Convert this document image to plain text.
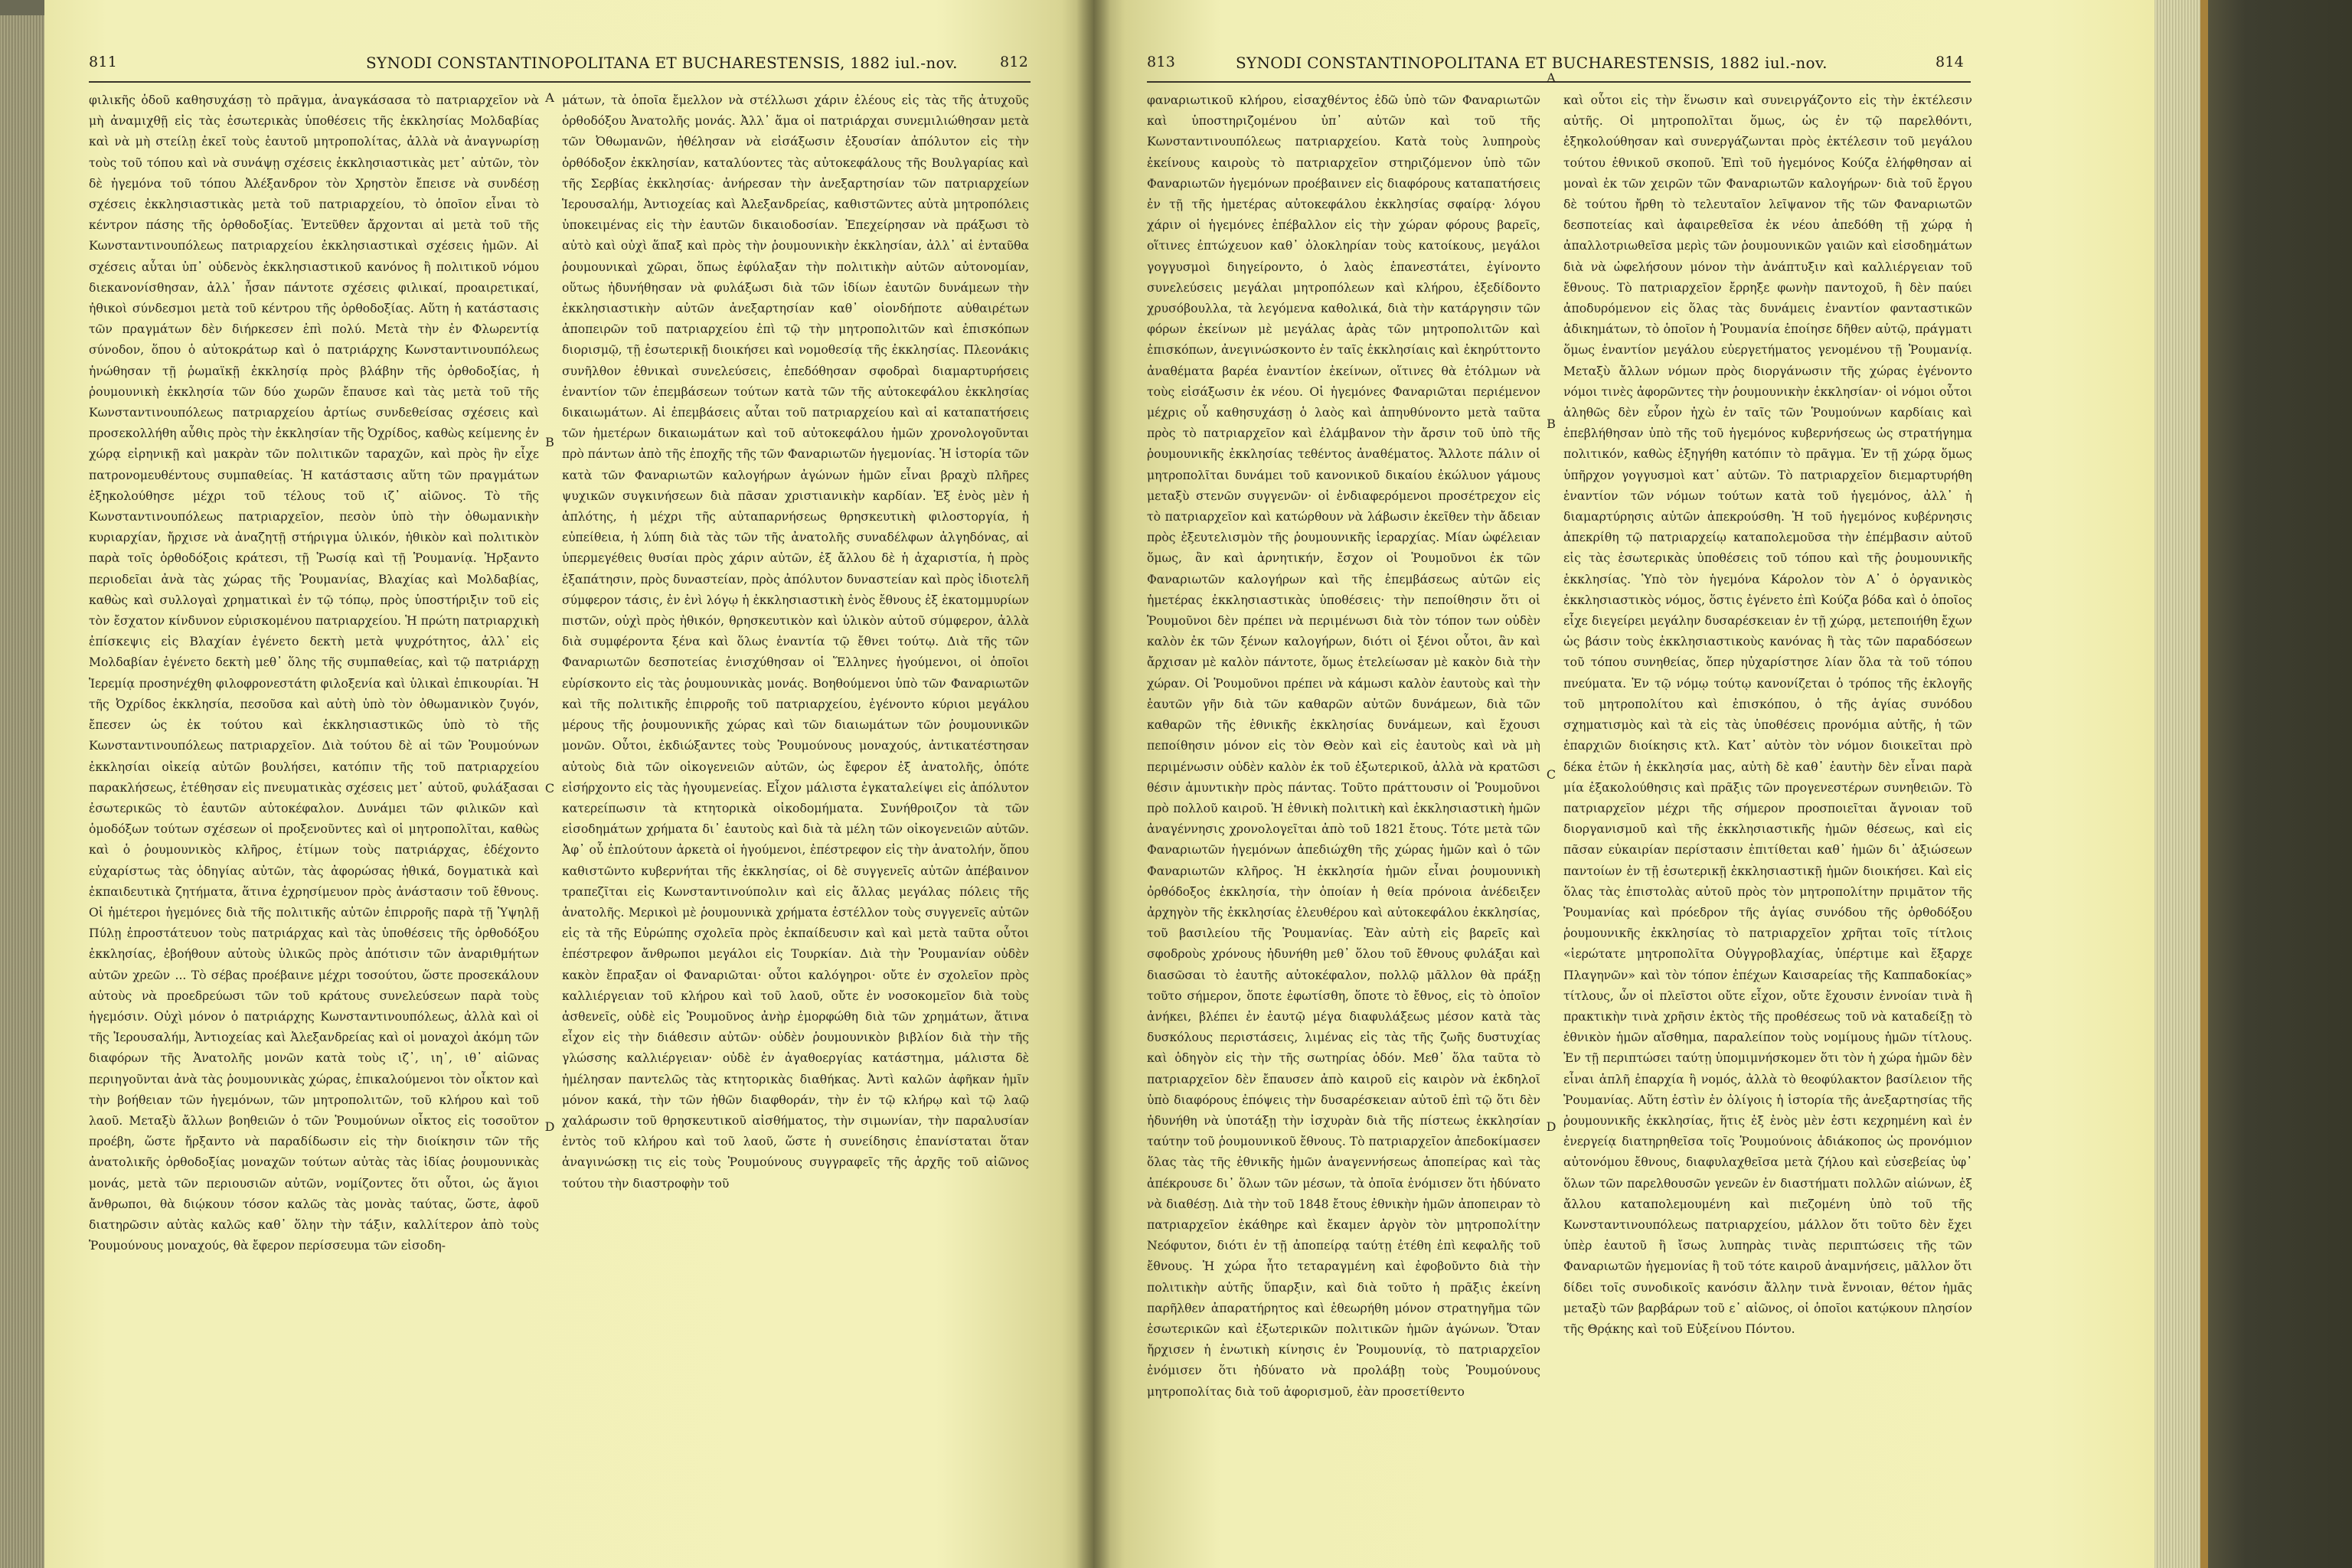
811	SYNODI CONSTANTINOPOLITANA ET BUCHARESTENSIS, 1882 iul.-nov.	812

φιλικῆς ὁδοῦ καθησυχάσῃ τὸ πρᾶγμα, ἀναγκάσασα τὸ πατριαρχεῖον νὰ μὴ ἀναμιχθῇ εἰς τὰς ἐσωτερικὰς ὑποθέσεις τῆς ἐκκλησίας Μολδαβίας καὶ νὰ μὴ στείλῃ ἐκεῖ τοὺς ἑαυτοῦ μητροπολίτας, ἀλλὰ νὰ ἀναγνωρίσῃ τοὺς τοῦ τόπου καὶ νὰ συνάψῃ σχέσεις ἐκκλησιαστικὰς μετ᾽ αὐτῶν, τὸν δὲ ἡγεμόνα τοῦ τόπου Ἀλέξανδρον τὸν Χρηστὸν ἔπεισε νὰ συνδέσῃ σχέσεις ἐκκλησιαστικὰς μετὰ τοῦ πατριαρχείου, τὸ ὁποῖον εἶναι τὸ κέντρον πάσης τῆς ὀρθοδοξίας. Ἐντεῦθεν ἄρχονται αἱ μετὰ τοῦ τῆς Κωνσταντινουπόλεως πατριαρχείου ἐκκλησιαστικαὶ σχέσεις ἡμῶν. Αἱ σχέσεις αὗται ὑπ᾽ οὐδενὸς ἐκκλησιαστικοῦ κανόνος ἢ πολιτικοῦ νόμου διεκανονίσθησαν, ἀλλ᾽ ἦσαν πάντοτε σχέσεις φιλικαί, προαιρετικαί, ἠθικοὶ σύνδεσμοι μετὰ τοῦ κέντρου τῆς ὀρθοδοξίας. Αὕτη ἡ κατάστασις τῶν πραγμάτων δὲν διήρκεσεν ἐπὶ πολύ. Μετὰ τὴν ἐν Φλωρεντίᾳ σύνοδον, ὅπου ὁ αὐτοκράτωρ καὶ ὁ πατριάρχης Κωνσταντινουπόλεως ἡνώθησαν τῇ ῥωμαϊκῇ ἐκκλησίᾳ πρὸς βλάβην τῆς ὀρθοδοξίας, ἡ ῥουμουνικὴ ἐκκλησία τῶν δύο χωρῶν ἔπαυσε καὶ τὰς μετὰ τοῦ τῆς Κωνσταντινουπόλεως πατριαρχείου ἀρτίως συνδεθείσας σχέσεις καὶ προσεκολλήθη αὖθις πρὸς τὴν ἐκκλησίαν τῆς Ὀχρίδος, καθὼς κείμενης ἐν χώρᾳ εἰρηνικῇ καὶ μακρὰν τῶν πολιτικῶν ταραχῶν, καὶ πρὸς ἣν εἶχε πατρονομευθέντους συμπαθείας. Ἡ κατάστασις αὕτη τῶν πραγμάτων ἐξηκολούθησε μέχρι τοῦ τέλους τοῦ ιζ᾽ αἰῶνος. Τὸ τῆς Κωνσταντινουπόλεως πατριαρχεῖον, πεσὸν ὑπὸ τὴν ὀθωμανικὴν κυριαρχίαν, ἤρχισε νὰ ἀναζητῇ στήριγμα ὑλικόν, ἠθικὸν καὶ πολιτικὸν παρὰ τοῖς ὀρθοδόξοις κράτεσι, τῇ Ῥωσίᾳ καὶ τῇ Ῥουμανίᾳ. Ἠρξαντο περιοδεῖαι ἀνὰ τὰς χώρας τῆς Ῥουμανίας, Βλαχίας καὶ Μολδαβίας, καθὼς καὶ συλλογαὶ χρηματικαὶ ἐν τῷ τόπῳ, πρὸς ὑποστήριξιν τοῦ εἰς τὸν ἔσχατον κίνδυνον εὑρισκομένου πατριαρχείου. Ἡ πρώτη πατριαρχικὴ ἐπίσκεψις εἰς Βλαχίαν ἐγένετο δεκτὴ μετὰ ψυχρότητος, ἀλλ᾽ εἰς Μολδαβίαν ἐγένετο δεκτὴ μεθ᾽ ὅλης τῆς συμπαθείας, καὶ τῷ πατριάρχῃ Ἱερεμίᾳ προσηνέχθη φιλοφρονεστάτη φιλοξενία καὶ ὑλικαὶ ἐπικουρίαι. Ἡ τῆς Ὀχρίδος ἐκκλησία, πεσοῦσα καὶ αὐτὴ ὑπὸ τὸν ὀθωμανικὸν ζυγόν, ἔπεσεν ὡς ἐκ τούτου καὶ ἐκκλησιαστικῶς ὑπὸ τὸ τῆς Κωνσταντινουπόλεως πατριαρχεῖον. Διὰ τούτου δὲ αἱ τῶν Ῥουμούνων ἐκκλησίαι οἰκείᾳ αὐτῶν βουλήσει, κατόπιν τῆς τοῦ πατριαρχείου παρακλήσεως, ἐτέθησαν εἰς πνευματικὰς σχέσεις μετ᾽ αὐτοῦ, φυλάξασαι ἐσωτερικῶς τὸ ἑαυτῶν αὐτοκέφαλον. Δυνάμει τῶν φιλικῶν καὶ ὁμοδόξων τούτων σχέσεων οἱ προξενοῦντες καὶ οἱ μητροπολῖται, καθὼς καὶ ὁ ῥουμουνικὸς κλῆρος, ἐτίμων τοὺς πατριάρχας, ἐδέχοντο εὐχαρίστως τὰς ὁδηγίας αὐτῶν, τὰς ἀφορώσας ἠθικά, δογματικὰ καὶ ἐκπαιδευτικὰ ζητήματα, ἅτινα ἐχρησίμευον πρὸς ἀνάστασιν τοῦ ἔθνους. Οἱ ἡμέτεροι ἡγεμόνες διὰ τῆς πολιτικῆς αὐτῶν ἐπιρροῆς παρὰ τῇ Ὑψηλῇ Πύλῃ ἐπροστάτευον τοὺς πατριάρχας καὶ τὰς ὑποθέσεις τῆς ὀρθοδόξου ἐκκλησίας, ἐβοήθουν αὐτοὺς ὑλικῶς πρὸς ἀπότισιν τῶν ἀναριθμήτων αὐτῶν χρεῶν ... Τὸ σέβας προέβαινε μέχρι τοσούτου, ὥστε προσεκάλουν αὐτοὺς νὰ προεδρεύωσι τῶν τοῦ κράτους συνελεύσεων παρὰ τοὺς ἡγεμόσιν. Οὐχὶ μόνον ὁ πατριάρχης Κωνσταντινουπόλεως, ἀλλὰ καὶ οἱ τῆς Ἱερουσαλήμ, Ἀντιοχείας καὶ Ἀλεξανδρείας καὶ οἱ μοναχοὶ ἀκόμη τῶν διαφόρων τῆς Ἀνατολῆς μονῶν κατὰ τοὺς ιζ᾽, ιη᾽, ιθ᾽ αἰῶνας περιηγοῦνται ἀνὰ τὰς ῥουμουνικὰς χώρας, ἐπικαλούμενοι τὸν οἶκτον καὶ τὴν βοήθειαν τῶν ἡγεμόνων, τῶν μητροπολιτῶν, τοῦ κλήρου καὶ τοῦ λαοῦ. Μεταξὺ ἄλλων βοηθειῶν ὁ τῶν Ῥουμούνων οἶκτος εἰς τοσοῦτον προέβη, ὥστε ἤρξαντο νὰ παραδίδωσιν εἰς τὴν διοίκησιν τῶν τῆς ἀνατολικῆς ὀρθοδοξίας μοναχῶν τούτων αὐτὰς τὰς ἰδίας ῥουμουνικὰς μονάς, μετὰ τῶν περιουσιῶν αὐτῶν, νομίζοντες ὅτι οὗτοι, ὡς ἅγιοι ἄνθρωποι, θὰ διῴκουν τόσον καλῶς τὰς μονὰς ταύτας, ὥστε, ἀφοῦ διατηρῶσιν αὐτὰς καλῶς καθ᾽ ὅλην τὴν τάξιν, καλλίτερον ἀπὸ τοὺς Ῥουμούνους μοναχούς, θὰ ἔφερον περίσσευμα τῶν εἰσοδη-

A
B
C
D

μάτων, τὰ ὁποῖα ἔμελλον νὰ στέλλωσι χάριν ἐλέους εἰς τὰς τῆς ἀτυχοῦς ὀρθοδόξου Ἀνατολῆς μονάς. Ἀλλ᾽ ἅμα οἱ πατριάρχαι συνεμιλιώθησαν μετὰ τῶν Ὀθωμανῶν, ἠθέλησαν νὰ εἰσάξωσιν ἐξουσίαν ἀπόλυτον εἰς τὴν ὀρθόδοξον ἐκκλησίαν, καταλύοντες τὰς αὐτοκεφάλους τῆς Βουλγαρίας καὶ τῆς Σερβίας ἐκκλησίας· ἀνήρεσαν τὴν ἀνεξαρτησίαν τῶν πατριαρχείων Ἱερουσαλήμ, Ἀντιοχείας καὶ Ἀλεξανδρείας, καθιστῶντες αὐτὰ μητροπόλεις ὑποκειμένας εἰς τὴν ἑαυτῶν δικαιοδοσίαν. Ἐπεχείρησαν νὰ πράξωσι τὸ αὐτὸ καὶ οὐχὶ ἅπαξ καὶ πρὸς τὴν ῥουμουνικὴν ἐκκλησίαν, ἀλλ᾽ αἱ ἐνταῦθα ῥουμουνικαὶ χῶραι, ὅπως ἐφύλαξαν τὴν πολιτικὴν αὐτῶν αὐτονομίαν, οὕτως ἠδυνήθησαν νὰ φυλάξωσι διὰ τῶν ἰδίων ἑαυτῶν δυνάμεων τὴν ἐκκλησιαστικὴν αὐτῶν ἀνεξαρτησίαν καθ᾽ οἱονδήποτε αὐθαιρέτων ἀποπειρῶν τοῦ πατριαρχείου ἐπὶ τῷ τὴν μητροπολιτῶν καὶ ἐπισκόπων διορισμῷ, τῇ ἐσωτερικῇ διοικήσει καὶ νομοθεσίᾳ τῆς ἐκκλησίας. Πλεονάκις συνῆλθον ἐθνικαὶ συνελεύσεις, ἐπεδόθησαν σφοδραὶ διαμαρτυρήσεις ἐναντίον τῶν ἐπεμβάσεων τούτων κατὰ τῶν τῆς αὐτοκεφάλου ἐκκλησίας δικαιωμάτων. Αἱ ἐπεμβάσεις αὗται τοῦ πατριαρχείου καὶ αἱ καταπατήσεις τῶν ἡμετέρων δικαιωμάτων καὶ τοῦ αὐτοκεφάλου ἡμῶν χρονολογοῦνται πρὸ πάντων ἀπὸ τῆς ἐποχῆς τῆς τῶν Φαναριωτῶν ἡγεμονίας. Ἡ ἱστορία τῶν κατὰ τῶν Φαναριωτῶν καλογήρων ἀγώνων ἡμῶν εἶναι βραχὺ πλῆρες ψυχικῶν συγκινήσεων διὰ πᾶσαν χριστιανικὴν καρδίαν. Ἐξ ἑνὸς μὲν ἡ ἀπλότης, ἡ μέχρι τῆς αὐταπαρνήσεως θρησκευτικὴ φιλοστοργία, ἡ εὐπείθεια, ἡ λύπη διὰ τὰς τῶν τῆς ἀνατολῆς συναδέλφων ἀλγηδόνας, αἱ ὑπερμεγέθεις θυσίαι πρὸς χάριν αὐτῶν, ἐξ ἄλλου δὲ ἡ ἀχαριστία, ἡ πρὸς ἐξαπάτησιν, πρὸς δυναστείαν, πρὸς ἀπόλυτον δυναστείαν καὶ πρὸς ἰδιοτελῆ σύμφερον τάσις, ἐν ἑνὶ λόγῳ ἡ ἐκκλησιαστικὴ ἐνὸς ἔθνους ἐξ ἑκατομμυρίων πιστῶν, οὐχὶ πρὸς ἠθικόν, θρησκευτικὸν καὶ ὑλικὸν αὐτοῦ σύμφερον, ἀλλὰ διὰ συμφέροντα ξένα καὶ ὅλως ἐναντία τῷ ἔθνει τούτῳ. Διὰ τῆς τῶν Φαναριωτῶν δεσποτείας ἐνισχύθησαν οἱ Ἕλληνες ἡγούμενοι, οἱ ὁποῖοι εὑρίσκοντο εἰς τὰς ῥουμουνικὰς μονάς. Βοηθούμενοι ὑπὸ τῶν Φαναριωτῶν καὶ τῆς πολιτικῆς ἐπιρροῆς τοῦ πατριαρχείου, ἐγένοντο κύριοι μεγάλου μέρους τῆς ῥουμουνικῆς χώρας καὶ τῶν διαιωμάτων τῶν ῥουμουνικῶν μονῶν. Οὗτοι, ἐκδιώξαντες τοὺς Ῥουμούνους μοναχούς, ἀντικατέστησαν αὐτοὺς διὰ τῶν οἰκογενειῶν αὐτῶν, ὡς ἔφερον ἐξ ἀνατολῆς, ὁπότε εἰσήρχοντο εἰς τὰς ἡγουμενείας. Εἶχον μάλιστα ἐγκαταλείψει εἰς ἀπόλυτον κατερείπωσιν τὰ κτητορικὰ οἰκοδομήματα. Συνήθροιζον τὰ τῶν εἰσοδημάτων χρήματα δι᾽ ἑαυτοὺς καὶ διὰ τὰ μέλη τῶν οἰκογενειῶν αὐτῶν. Ἀφ᾽ οὗ ἐπλούτουν ἀρκετὰ οἱ ἡγούμενοι, ἐπέστρεφον εἰς τὴν ἀνατολήν, ὅπου καθιστῶντο κυβερνήται τῆς ἐκκλησίας, οἱ δὲ συγγενεῖς αὐτῶν ἀπέβαινον τραπεζῖται εἰς Κωνσταντινούπολιν καὶ εἰς ἄλλας μεγάλας πόλεις τῆς ἀνατολῆς. Μερικοὶ μὲ ῥουμουνικὰ χρήματα ἐστέλλον τοὺς συγγενεῖς αὐτῶν εἰς τὰ τῆς Εὐρώπης σχολεῖα πρὸς ἐκπαίδευσιν καὶ καὶ μετὰ ταῦτα οὗτοι ἐπέστρεφον ἄνθρωποι μεγάλοι εἰς Τουρκίαν. Διὰ τὴν Ῥουμανίαν οὐδὲν κακὸν ἔπραξαν οἱ Φαναριῶται· οὗτοι καλόγηροι· οὔτε ἐν σχολεῖον πρὸς καλλιέργειαν τοῦ κλήρου καὶ τοῦ λαοῦ, οὔτε ἐν νοσοκομεῖον διὰ τοὺς ἀσθενεῖς, οὐδὲ εἰς Ῥουμοῦνος ἀνὴρ ἐμορφώθη διὰ τῶν χρημάτων, ἅτινα εἶχον εἰς τὴν διάθεσιν αὐτῶν· οὐδὲν ῥουμουνικὸν βιβλίον διὰ τὴν τῆς γλώσσης καλλιέργειαν· οὐδὲ ἐν ἀγαθοεργίας κατάστημα, μάλιστα δὲ ἠμέλησαν παντελῶς τὰς κτητορικὰς διαθήκας. Ἀντὶ καλῶν ἀφῆκαν ἡμῖν μόνον κακά, τὴν τῶν ἠθῶν διαφθοράν, τὴν ἐν τῷ κλήρῳ καὶ τῷ λαῷ χαλάρωσιν τοῦ θρησκευτικοῦ αἰσθήματος, τὴν σιμωνίαν, τὴν παραλυσίαν ἐντὸς τοῦ κλήρου καὶ τοῦ λαοῦ, ὥστε ἡ συνείδησις ἐπανίσταται ὅταν ἀναγινώσκῃ τις εἰς τοὺς Ῥουμούνους συγγραφεῖς τῆς ἀρχῆς τοῦ αἰῶνος τούτου τὴν διαστροφὴν τοῦ

813	SYNODI CONSTANTINOPOLITANA ET BUCHARESTENSIS, 1882 iul.-nov.	814

φαναριωτικοῦ κλήρου, εἰσαχθέντος ἐδῶ ὑπὸ τῶν Φαναριωτῶν καὶ ὑποστηριζομένου ὑπ᾽ αὐτῶν καὶ τοῦ τῆς Κωνσταντινουπόλεως πατριαρχείου. Κατὰ τοὺς λυπηροὺς ἐκείνους καιροὺς τὸ πατριαρχεῖον στηριζόμενον ὑπὸ τῶν Φαναριωτῶν ἡγεμόνων προέβαινεν εἰς διαφόρους καταπατήσεις ἐν τῇ τῆς ἡμετέρας αὐτοκεφάλου ἐκκλησίας σφαίρᾳ· λόγου χάριν οἱ ἡγεμόνες ἐπέβαλλον εἰς τὴν χώραν φόρους βαρεῖς, οἵτινες ἐπτώχευον καθ᾽ ὁλοκληρίαν τοὺς κατοίκους, μεγάλοι γογγυσμοὶ διηγείροντο, ὁ λαὸς ἐπανεστάτει, ἐγίνοντο συνελεύσεις μεγάλαι μητροπόλεων καὶ κλήρου, ἐξεδίδοντο χρυσόβουλλα, τὰ λεγόμενα καθολικά, διὰ τὴν κατάργησιν τῶν φόρων ἐκείνων μὲ μεγάλας ἀρὰς τῶν μητροπολιτῶν καὶ ἐπισκόπων, ἀνεγινώσκοντο ἐν ταῖς ἐκκλησίαις καὶ ἐκηρύττοντο ἀναθέματα βαρέα ἐναντίον ἐκείνων, οἵτινες θὰ ἐτόλμων νὰ τοὺς εἰσάξωσιν ἐκ νέου. Οἱ ἡγεμόνες Φαναριῶται περιέμενον μέχρις οὗ καθησυχάσῃ ὁ λαὸς καὶ ἀπηυθύνοντο μετὰ ταῦτα πρὸς τὸ πατριαρχεῖον καὶ ἐλάμβανον τὴν ἄρσιν τοῦ ὑπὸ τῆς ῥουμουνικῆς ἐκκλησίας τεθέντος ἀναθέματος. Ἄλλοτε πάλιν οἱ μητροπολῖται δυνάμει τοῦ κανονικοῦ δικαίου ἐκώλυον γάμους μεταξὺ στενῶν συγγενῶν· οἱ ἐνδιαφερόμενοι προσέτρεχον εἰς τὸ πατριαρχεῖον καὶ κατώρθουν νὰ λάβωσιν ἐκεῖθεν τὴν ἄδειαν πρὸς ἐξευτελισμὸν τῆς ῥουμουνικῆς ἱεραρχίας. Μίαν ὠφέλειαν ὅμως, ἂν καὶ ἀρνητικήν, ἔσχον οἱ Ῥουμοῦνοι ἐκ τῶν Φαναριωτῶν καλογήρων καὶ τῆς ἐπεμβάσεως αὐτῶν εἰς ἡμετέρας ἐκκλησιαστικὰς ὑποθέσεις· τὴν πεποίθησιν ὅτι οἱ Ῥουμοῦνοι δὲν πρέπει νὰ περιμένωσι διὰ τὸν τόπον των οὐδὲν καλὸν ἐκ τῶν ξένων καλογήρων, διότι οἱ ξένοι οὗτοι, ἂν καὶ ἄρχισαν μὲ καλὸν πάντοτε, ὅμως ἐτελείωσαν μὲ κακὸν διὰ τὴν χώραν. Οἱ Ῥουμοῦνοι πρέπει νὰ κάμωσι καλὸν ἑαυτοὺς καὶ τὴν ἑαυτῶν γῆν διὰ τῶν καθαρῶν αὐτῶν δυνάμεων, διὰ τῶν καθαρῶν τῆς ἐθνικῆς ἐκκλησίας δυνάμεων, καὶ ἔχουσι πεποίθησιν μόνον εἰς τὸν Θεὸν καὶ εἰς ἑαυτοὺς καὶ νὰ μὴ περιμένωσιν οὐδὲν καλὸν ἐκ τοῦ ἐξωτερικοῦ, ἀλλὰ νὰ κρατῶσι θέσιν ἀμυντικὴν πρὸς πάντας. Τοῦτο πράττουσιν οἱ Ῥουμοῦνοι πρὸ πολλοῦ καιροῦ. Ἡ ἐθνικὴ πολιτικὴ καὶ ἐκκλησιαστικὴ ἡμῶν ἀναγέννησις χρονολογεῖται ἀπὸ τοῦ 1821 ἔτους. Τότε μετὰ τῶν Φαναριωτῶν ἡγεμόνων ἀπεδιώχθη τῆς χώρας ἡμῶν καὶ ὁ τῶν Φαναριωτῶν κλῆρος. Ἡ ἐκκλησία ἡμῶν εἶναι ῥουμουνικὴ ὀρθόδοξος ἐκκλησία, τὴν ὁποίαν ἡ θεία πρόνοια ἀνέδειξεν ἀρχηγὸν τῆς ἐκκλησίας ἐλευθέρου καὶ αὐτοκεφάλου ἐκκλησίας, τοῦ βασιλείου τῆς Ῥουμανίας. Ἐὰν αὐτὴ εἰς βαρεῖς καὶ σφοδροὺς χρόνους ἠδυνήθη μεθ᾽ ὅλου τοῦ ἔθνους φυλάξαι καὶ διασῶσαι τὸ ἑαυτῆς αὐτοκέφαλον, πολλῷ μᾶλλον θὰ πράξῃ τοῦτο σήμερον, ὅποτε ἐφωτίσθη, ὅποτε τὸ ἔθνος, εἰς τὸ ὁποῖον ἀνήκει, βλέπει ἐν ἑαυτῷ μέγα διαφυλάξεως μέσον κατὰ τὰς δυσκόλους περιστάσεις, λιμένας εἰς τὰς τῆς ζωῆς δυστυχίας καὶ ὁδηγὸν εἰς τὴν τῆς σωτηρίας ὁδόν. Μεθ᾽ ὅλα ταῦτα τὸ πατριαρχεῖον δὲν ἔπαυσεν ἀπὸ καιροῦ εἰς καιρὸν νὰ ἐκδηλοῖ ὑπὸ διαφόρους ἐπόψεις τὴν δυσαρέσκειαν αὐτοῦ ἐπὶ τῷ ὅτι δὲν ἠδυνήθη νὰ ὑποτάξῃ τὴν ἰσχυρὰν διὰ τῆς πίστεως ἐκκλησίαν ταύτην τοῦ ῥουμουνικοῦ ἔθνους. Τὸ πατριαρχεῖον ἀπεδοκίμασεν ὅλας τὰς τῆς ἐθνικῆς ἡμῶν ἀναγεννήσεως ἀποπείρας καὶ τὰς ἀπέκρουσε δι᾽ ὅλων τῶν μέσων, τὰ ὁποῖα ἐνόμισεν ὅτι ἠδύνατο νὰ διαθέσῃ. Διὰ τὴν τοῦ 1848 ἔτους ἐθνικὴν ἡμῶν ἀποπειραν τὸ πατριαρχεῖον ἐκάθηρε καὶ ἔκαμεν ἀργὸν τὸν μητροπολίτην Νεόφυτον, διότι ἐν τῇ ἀποπείρᾳ ταύτῃ ἐτέθη ἐπὶ κεφαλῆς τοῦ ἔθνους. Ἡ χώρα ἦτο τεταραγμένη καὶ ἐφοβοῦντο διὰ τὴν πολιτικὴν αὐτῆς ὕπαρξιν, καὶ διὰ τοῦτο ἡ πρᾶξις ἐκείνη παρῆλθεν ἀπαρατήρητος καὶ ἐθεωρήθη μόνον στρατηγῆμα τῶν ἐσωτερικῶν καὶ ἐξωτερικῶν πολιτικῶν ἡμῶν ἀγώνων. Ὅταν ἤρχισεν ἡ ἐνωτικὴ κίνησις ἐν Ῥουμουνίᾳ, τὸ πατριαρχεῖον ἐνόμισεν ὅτι ἠδύνατο νὰ προλάβῃ τοὺς Ῥουμούνους μητροπολίτας διὰ τοῦ ἀφορισμοῦ, ἐὰν προσετίθεντο

A
B
C
D

καὶ οὗτοι εἰς τὴν ἕνωσιν καὶ συνειργάζοντο εἰς τὴν ἐκτέλεσιν αὐτῆς. Οἱ μητροπολῖται ὅμως, ὡς ἐν τῷ παρελθόντι, ἐξηκολούθησαν καὶ συνεργάζωνται πρὸς ἐκτέλεσιν τοῦ μεγάλου τούτου ἐθνικοῦ σκοποῦ. Ἐπὶ τοῦ ἡγεμόνος Κούζα ἐλήφθησαν αἱ μοναὶ ἐκ τῶν χειρῶν τῶν Φαναριωτῶν καλογήρων· διὰ τοῦ ἔργου δὲ τούτου ἤρθη τὸ τελευταῖον λεῖψανον τῆς τῶν Φαναριωτῶν δεσποτείας καὶ ἀφαιρεθεῖσα ἐκ νέου ἀπεδόθη τῇ χώρᾳ ἡ ἀπαλλοτριωθεῖσα μερὶς τῶν ῥουμουνικῶν γαιῶν καὶ εἰσοδημάτων διὰ νὰ ὠφελήσουν μόνον τὴν ἀνάπτυξιν καὶ καλλιέργειαν τοῦ ἔθνους. Τὸ πατριαρχεῖον ἔρρηξε φωνὴν παντοχοῦ, ἢ δὲν παύει ἀποδυρόμενον εἰς ὅλας τὰς δυνάμεις ἐναντίον φανταστικῶν ἀδικημάτων, τὸ ὁποῖον ἡ Ῥουμανία ἐποίησε δῆθεν αὐτῷ, πράγματι ὅμως ἐναντίον μεγάλου εὐεργετήματος γενομένου τῇ Ῥουμανίᾳ. Μεταξὺ ἄλλων νόμων πρὸς διοργάνωσιν τῆς χώρας ἐγένοντο νόμοι τινὲς ἀφορῶντες τὴν ῥουμουνικὴν ἐκκλησίαν· οἱ νόμοι οὗτοι ἀληθῶς δὲν εὗρον ἠχὼ ἐν ταῖς τῶν Ῥουμούνων καρδίαις καὶ ἐπεβλήθησαν ὑπὸ τῆς τοῦ ἡγεμόνος κυβερνήσεως ὡς στρατήγημα πολιτικόν, καθὼς ἐξηγήθη κατόπιν τὸ πρᾶγμα. Ἐν τῇ χώρᾳ ὅμως ὑπῆρχον γογγυσμοὶ κατ᾽ αὐτῶν. Τὸ πατριαρχεῖον διεμαρτυρήθη ἐναντίον τῶν νόμων τούτων κατὰ τοῦ ἡγεμόνος, ἀλλ᾽ ἡ διαμαρτύρησις αὐτῶν ἀπεκρούσθη. Ἡ τοῦ ἡγεμόνος κυβέρνησις ἀπεκρίθη τῷ πατριαρχείῳ καταπολεμοῦσα τὴν ἐπέμβασιν αὐτοῦ εἰς τὰς ἐσωτερικὰς ὑποθέσεις τοῦ τόπου καὶ τῆς ῥουμουνικῆς ἐκκλησίας. Ὑπὸ τὸν ἡγεμόνα Κάρολον τὸν Α᾽ ὁ ὀργανικὸς ἐκκλησιαστικὸς νόμος, ὅστις ἐγένετο ἐπὶ Κούζα βόδα καὶ ὁ ὁποῖος εἶχε διεγείρει μεγάλην δυσαρέσκειαν ἐν τῇ χώρᾳ, μετεποιήθη ἔχων ὡς βάσιν τοὺς ἐκκλησιαστικοὺς κανόνας ἢ τὰς τῶν παραδόσεων τοῦ τόπου συνηθείας, ὅπερ ηὐχαρίστησε λίαν ὅλα τὰ τοῦ τόπου πνεύματα. Ἐν τῷ νόμῳ τούτῳ κανονίζεται ὁ τρόπος τῆς ἐκλογῆς τοῦ μητροπολίτου καὶ ἐπισκόπου, ὁ τῆς ἁγίας συνόδου σχηματισμὸς καὶ τὰ εἰς τὰς ὑποθέσεις προνόμια αὐτῆς, ἡ τῶν ἐπαρχιῶν διοίκησις κτλ. Κατ᾽ αὐτὸν τὸν νόμον διοικεῖται πρὸ δέκα ἐτῶν ἡ ἐκκλησία μας, αὐτὴ δὲ καθ᾽ ἑαυτὴν δὲν εἶναι παρὰ μία ἐξακολούθησις καὶ πρᾶξις τῶν προγενεστέρων συνηθειῶν. Τὸ πατριαρχεῖον μέχρι τῆς σήμερον προσποιεῖται ἄγνοιαν τοῦ διοργανισμοῦ καὶ τῆς ἐκκλησιαστικῆς ἡμῶν θέσεως, καὶ εἰς πᾶσαν εὐκαιρίαν περίστασιν ἐπιτίθεται καθ᾽ ἡμῶν δι᾽ ἀξιώσεων παντοίων ἐν τῇ ἐσωτερικῇ ἐκκλησιαστικῇ ἡμῶν διοικήσει. Καὶ εἰς ὅλας τὰς ἐπιστολὰς αὐτοῦ πρὸς τὸν μητροπολίτην πριμᾶτον τῆς Ῥουμανίας καὶ πρόεδρον τῆς ἁγίας συνόδου τῆς ὀρθοδόξου ῥουμουνικῆς ἐκκλησίας τὸ πατριαρχεῖον χρῆται τοῖς τίτλοις «ἱερώτατε μητροπολῖτα Οὑγγροβλαχίας, ὑπέρτιμε καὶ ἔξαρχε Πλαγηνῶν» καὶ τὸν τόπον ἐπέχων Καισαρείας τῆς Καππαδοκίας» τίτλους, ὧν οἱ πλεῖστοι οὔτε εἶχον, οὔτε ἔχουσιν ἐννοίαν τινὰ ἢ πρακτικὴν τινὰ χρῆσιν ἐκτὸς τῆς προθέσεως τοῦ νὰ καταδείξῃ τὸ ἐθνικὸν ἡμῶν αἴσθημα, παραλείπον τοὺς νομίμους ἡμῶν τίτλους. Ἐν τῇ περιπτώσει ταύτῃ ὑπομιμνήσκομεν ὅτι τὸν ἡ χώρα ἡμῶν δὲν εἶναι ἁπλῆ ἐπαρχία ἢ νομός, ἀλλὰ τὸ θεοφύλακτον βασίλειον τῆς Ῥουμανίας. Αὕτη ἐστὶν ἐν ὀλίγοις ἡ ἱστορία τῆς ἀνεξαρτησίας τῆς ῥουμουνικῆς ἐκκλησίας, ἥτις ἐξ ἑνὸς μὲν ἐστι κεχρημένη καὶ ἐν ἐνεργείᾳ διατηρηθεῖσα τοῖς Ῥουμούνοις ἀδιάκοπος ὡς προνόμιον αὐτονόμου ἔθνους, διαφυλαχθεῖσα μετὰ ζήλου καὶ εὐσεβείας ὑφ᾽ ὅλων τῶν παρελθουσῶν γενεῶν ἐν διαστήματι πολλῶν αἰώνων, ἐξ ἄλλου καταπολεμουμένη καὶ πιεζομένη ὑπὸ τοῦ τῆς Κωνσταντινουπόλεως πατριαρχείου, μάλλον ὅτι τοῦτο δὲν ἔχει ὑπὲρ ἑαυτοῦ ἢ ἴσως λυπηρὰς τινὰς περιπτώσεις τῆς τῶν Φαναριωτῶν ἡγεμονίας ἢ τοῦ τότε καιροῦ ἀναμνήσεις, μᾶλλον ὅτι δίδει τοῖς συνοδικοῖς κανόσιν ἄλλην τινὰ ἔννοιαν, θέτον ἡμᾶς μεταξὺ τῶν βαρβάρων τοῦ ε᾽ αἰῶνος, οἱ ὁποῖοι κατῴκουν πλησίον τῆς Θρᾴκης καὶ τοῦ Εὐξείνου Πόντου.
